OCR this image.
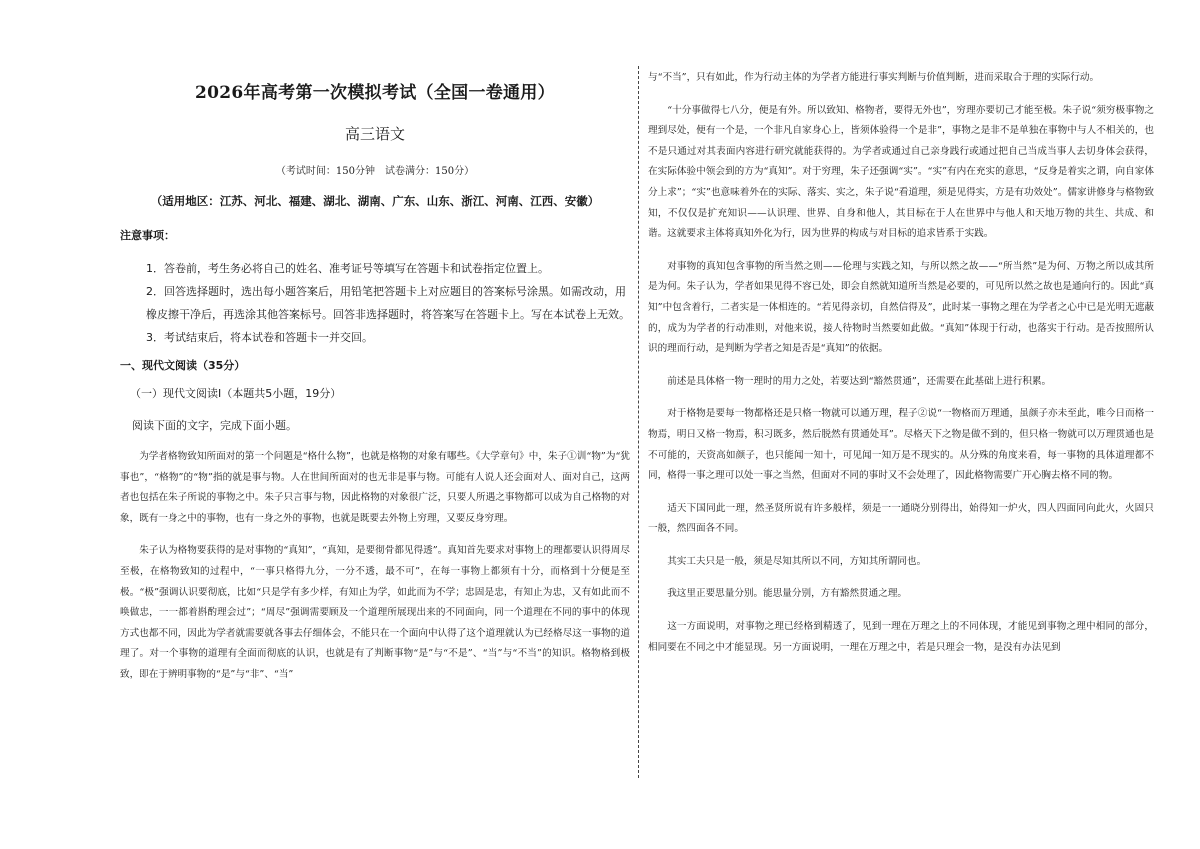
2026年高考第一次模拟考试（全国一卷通用）
高三语文
（考试时间：150分钟　试卷满分：150分）
（适用地区：江苏、河北、福建、湖北、湖南、广东、山东、浙江、河南、江西、安徽）
注意事项：
1．答卷前，考生务必将自己的姓名、准考证号等填写在答题卡和试卷指定位置上。
2．回答选择题时，选出每小题答案后，用铅笔把答题卡上对应题目的答案标号涂黑。如需改动，用橡皮擦干净后，再选涂其他答案标号。回答非选择题时，将答案写在答题卡上。写在本试卷上无效。
3．考试结束后，将本试卷和答题卡一并交回。
一、现代文阅读（35分）
（一）现代文阅读Ⅰ（本题共5小题，19分）
阅读下面的文字，完成下面小题。

为学者格物致知所面对的第一个问题是“格什么物”，也就是格物的对象有哪些。《大学章句》中，朱子①训“物”为“犹事也”，“格物”的“物”指的就是事与物。人在世间所面对的也无非是事与物。可能有人说人还会面对人、面对自己，这两者也包括在朱子所说的事物之中。朱子只言事与物，因此格物的对象很广泛，只要人所遇之事物都可以成为自己格物的对象，既有一身之中的事物，也有一身之外的事物，也就是既要去外物上穷理，又要反身穷理。

朱子认为格物要获得的是对事物的“真知”，“真知，是要彻骨都见得透”。真知首先要求对事物上的理都要认识得周尽至极，在格物致知的过程中，“一事只格得九分，一分不透，最不可”，在每一事物上都须有十分，而格到十分便是至极。“极”强调认识要彻底，比如“只是学有多少样，有知止为学，如此而为不学；忠固是忠，有知止为忠，又有如此而不唤做忠，一一都着斟酌理会过”；“周尽”强调需要顾及一个道理所展现出来的不同面向，同一个道理在不同的事中的体现方式也都不同，因此为学者就需要就各事去仔细体会，不能只在一个面向中认得了这个道理就认为已经格尽这一事物的道理了。对一个事物的道理有全面而彻底的认识，也就是有了判断事物“是”与“不是”、“当”与“不当”的知识。格物格到极致，即在于辨明事物的“是”与“非”、“当”

与“不当”，只有如此，作为行动主体的为学者方能进行事实判断与价值判断，进而采取合于理的实际行动。

“十分事做得七八分，便是有外。所以致知、格物者，要得无外也”，穷理亦要切己才能至极。朱子说“须穷极事物之理到尽处，便有一个是，一个非凡自家身心上，皆须体验得一个是非”，事物之是非不是单独在事物中与人不相关的，也不是只通过对其表面内容进行研究就能获得的。为学者或通过自己亲身践行或通过把自己当成当事人去切身体会获得，在实际体验中领会到的方为“真知”。对于穷理，朱子还强调“实”。“实”有内在充实的意思，“反身是着实之谓，向自家体分上求”；“实”也意味着外在的实际、落实、实之，朱子说“看道理，须是见得实，方是有功效处”。儒家讲修身与格物致知，不仅仅是扩充知识——认识理、世界、自身和他人，其目标在于人在世界中与他人和天地万物的共生、共成、和谐。这就要求主体将真知外化为行，因为世界的构成与对目标的追求皆系于实践。

对事物的真知包含事物的所当然之则——伦理与实践之知，与所以然之故——“所当然”是为何、万物之所以成其所是为何。朱子认为，学者如果见得不容已处，即会自然就知道所当然是必要的，可见所以然之故也是通向行的。因此“真知”中包含着行，二者实是一体相连的。“若见得亲切，自然信得及”，此时某一事物之理在为学者之心中已是光明无遮蔽的，成为为学者的行动准则，对他来说，接人待物时当然要如此做。“真知”体现于行动，也落实于行动。是否按照所认识的理而行动，是判断为学者之知是否是“真知”的依据。

前述是具体格一物一理时的用力之处，若要达到“豁然贯通”，还需要在此基础上进行积累。

对于格物是要每一物都格还是只格一物就可以通万理，程子②说“一物格而万理通，虽颜子亦未至此，唯今日而格一物焉，明日又格一物焉，积习既多，然后脱然有贯通处耳”。尽格天下之物是做不到的，但只格一物就可以万理贯通也是不可能的，天资高如颜子，也只能闻一知十，可见闻一知万是不现实的。从分殊的角度来看，每一事物的具体道理都不同，格得一事之理可以处一事之当然，但面对不同的事时又不会处理了，因此格物需要广开心胸去格不同的物。

适天下国同此一理，然圣贤所说有许多般样，须是一一通晓分别得出，始得知一炉火，四人四面同向此火，火固只一般，然四面各不同。

其实工夫只是一般，须是尽知其所以不同，方知其所谓同也。

我这里正要思量分别。能思量分别，方有豁然贯通之理。

这一方面说明，对事物之理已经格到精透了，见到一理在万理之上的不同体现，才能见到事物之理中相同的部分，相同要在不同之中才能显现。另一方面说明，一理在万理之中，若是只理会一物，是没有办法见到
